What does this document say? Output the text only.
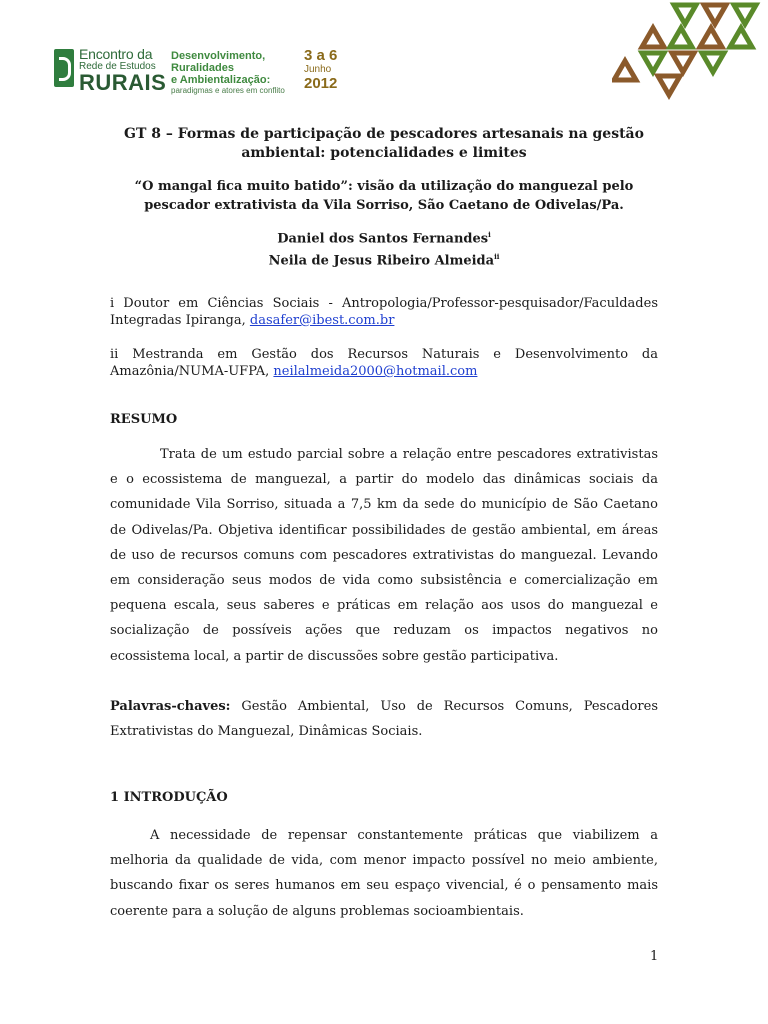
Encontro da
Rede de Estudos
RURAIS
Desenvolvimento,
Ruralidades
e Ambientalização:
paradigmas e atores em conflito
3 a 6
Junho
2012
GT 8 – Formas de participação de pescadores artesanais na gestão ambiental: potencialidades e limites
“O mangal fica muito batido”: visão da utilização do manguezal pelo pescador extrativista da Vila Sorriso, São Caetano de Odivelas/Pa.
Daniel dos Santos Fernandes$^i$
Neila de Jesus Ribeiro Almeida$^{ii}$
i Doutor em Ciências Sociais - Antropologia/Professor-pesquisador/Faculdades Integradas Ipiranga, dasafer@ibest.com.br
ii Mestranda em Gestão dos Recursos Naturais e Desenvolvimento da Amazônia/NUMA-UFPA, neilalmeida2000@hotmail.com
RESUMO
Trata de um estudo parcial sobre a relação entre pescadores extrativistas e o ecossistema de manguezal, a partir do modelo das dinâmicas sociais da comunidade Vila Sorriso, situada a 7,5 km da sede do município de São Caetano de Odivelas/Pa. Objetiva identificar possibilidades de gestão ambiental, em áreas de uso de recursos comuns com pescadores extrativistas do manguezal. Levando em consideração seus modos de vida como subsistência e comercialização em pequena escala, seus saberes e práticas em relação aos usos do manguezal e socialização de possíveis ações que reduzam os impactos negativos no ecossistema local, a partir de discussões sobre gestão participativa.
Palavras-chaves: Gestão Ambiental, Uso de Recursos Comuns, Pescadores Extrativistas do Manguezal, Dinâmicas Sociais.
1 INTRODUÇÃO
A necessidade de repensar constantemente práticas que viabilizem a melhoria da qualidade de vida, com menor impacto possível no meio ambiente, buscando fixar os seres humanos em seu espaço vivencial, é o pensamento mais coerente para a solução de alguns problemas socioambientais.
1
